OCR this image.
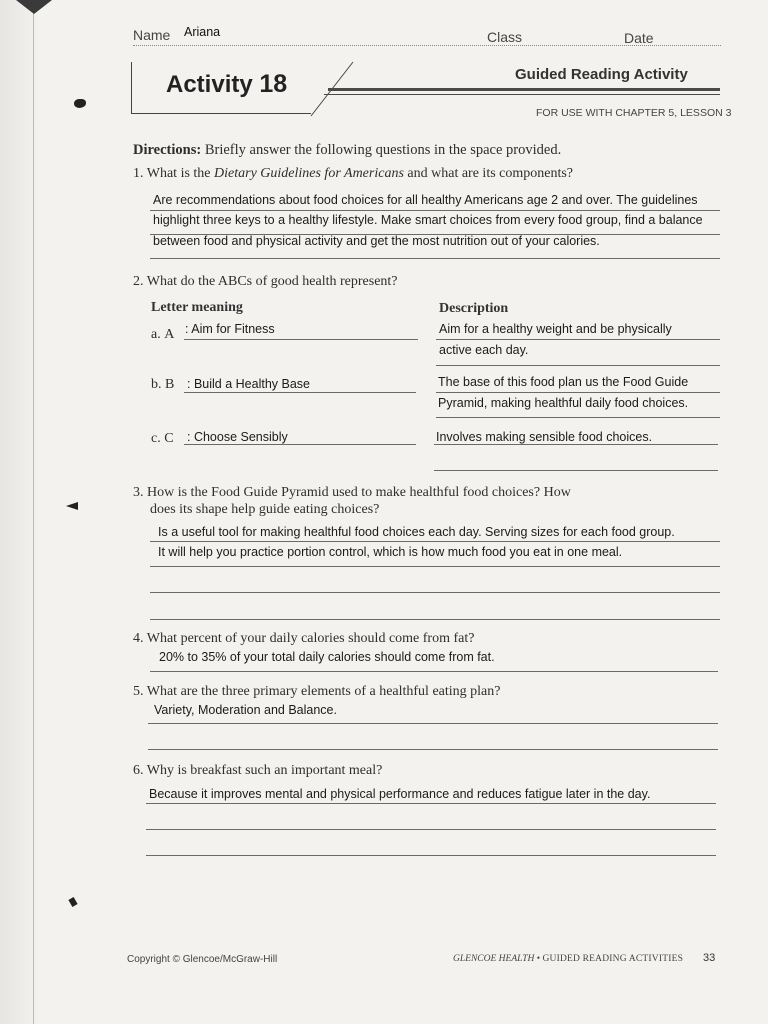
Name Ariana	Class	Date
Activity 18	Guided Reading Activity
FOR USE WITH CHAPTER 5, LESSON 3
Directions: Briefly answer the following questions in the space provided.
1. What is the Dietary Guidelines for Americans and what are its components?
Are recommendations about food choices for all healthy Americans age 2 and over. The guidelines
highlight three keys to a healthy lifestyle. Make smart choices from every food group, find a balance
between food and physical activity and get the most nutrition out of your calories.
2. What do the ABCs of good health represent?
Letter meaning	Description
a. A : Aim for Fitness	Aim for a healthy weight and be physically
active each day.
b. B : Build a Healthy Base	The base of this food plan us the Food Guide
Pyramid, making healthful daily food choices.
c. C : Choose Sensibly	Involves making sensible food choices.
3. How is the Food Guide Pyramid used to make healthful food choices? How
does its shape help guide eating choices?
Is a useful tool for making healthful food choices each day. Serving sizes for each food group.
It will help you practice portion control, which is how much food you eat in one meal.
4. What percent of your daily calories should come from fat?
20% to 35% of your total daily calories should come from fat.
5. What are the three primary elements of a healthful eating plan?
Variety, Moderation and Balance.
6. Why is breakfast such an important meal?
Because it improves mental and physical performance and reduces fatigue later in the day.
Copyright © Glencoe/McGraw-Hill	GLENCOE HEALTH • GUIDED READING ACTIVITIES 33
